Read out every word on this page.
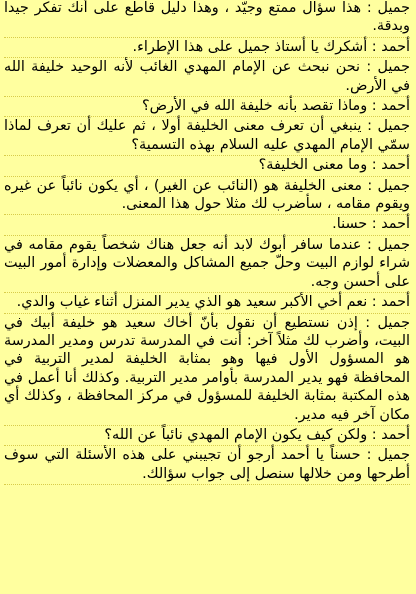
جميل : هذا سؤال ممتع وجيّد ، وهذا دليل قاطع على أنك تفكر جيدا وبدقة.

أحمد : أشكرك يا أستاذ جميل على هذا الإطراء.

جميل : نحن نبحث عن الإمام المهدي الغائب لأنه الوحيد خليفة الله في الأرض.

أحمد : وماذا تقصد بأنه خليفة الله في الأرض؟

جميل : ينبغي أن تعرف معنى الخليفة أولا ، ثم عليك أن تعرف لماذا سمّي الإمام المهدي عليه السلام بهذه التسمية؟

أحمد : وما معنى الخليفة؟

جميل : معنى الخليفة هو (النائب عن الغير) ، أي يكون نائباً عن غيره ويقوم مقامه ، سأضرب لك مثلا حول هذا المعنى.

أحمد : حسنا.

جميل : عندما سافر أبوك لابد أنه جعل هناك شخصاً يقوم مقامه في شراء لوازم البيت وحلّ جميع المشاكل والمعضلات وإدارة أمور البيت على أحسن وجه.

أحمد : نعم أخي الأكبر سعيد هو الذي يدير المنزل أثناء غياب والدي.

جميل : إذن نستطيع أن نقول بأنّ أخاك سعيد هو خليفة أبيك في البيت، وأضرب لك مثلاً آخر: أنت في المدرسة تدرس ومدير المدرسة هو المسؤول الأول فيها وهو بمثابة الخليفة لمدير التربية في المحافظة فهو يدير المدرسة بأوامر مدير التربية. وكذلك أنا أعمل في هذه المكتبة بمثابة الخليفة للمسؤول في مركز المحافظة ، وكذلك أي مكان آخر فيه مدير.

أحمد : ولكن كيف يكون الإمام المهدي نائباً عن الله؟

جميل : حسناً يا أحمد أرجو أن تجيبني على هذه الأسئلة التي سوف أطرحها ومن خلالها سنصل إلى جواب سؤالك.
